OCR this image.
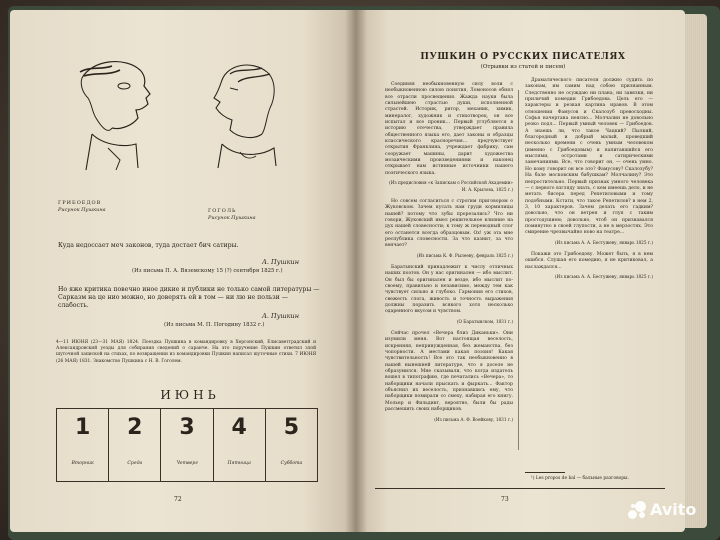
ГРИБОЕДОВ
Рисунок Пушкина	ГОГОЛЬ
Рисунок Пушкина
Куда недоссает меч законов, туда достает бич сатиры.
А. Пушкин
(Из письма П. А. Вяземскому 15 (?) сентября 1825 г.)
Но яже критика повечно иное дикие и публики не только самой литературы — Сарказм на це нио можно, но доверять ей в том — ни лю не пользи — слабость.
А. Пушкин
(Из письма М. П. Погодину 1832 г.)
4—11 ИЮНЯ (23—31 МАЯ) 1824. Поездка Пушкина в командировку в Херсонский, Елисаветградский и Александровский уезды для собирания сведений о саранче. На это поручение Пушкин ответил злой шуточной запиской на стихах, по возвращении из командировки Пушкин написал шуточные стихи. 7 ИЮНЯ (26 МАЯ) 1831. Знакомство Пушкина с Н. В. Гоголем.
ИЮНЬ
1
Вторник
2
Среда
3
Четверг
4
Пятница
5
Суббота
72
ПУШКИН О РУССКИХ ПИСАТЕЛЯХ
(Отрывки из статей и писем)

Соединяя необыкновенную силу воли с необыкновенною силою понятия, Ломоносов обнял все отрасли просвещения. Жажда науки была сильнейшею страстью души, исполненной страстей. Историк, ритор, механик, химик, минералог, художник и стихотворец, он все испытал и все проник... Первый углубляется в историю отечества, утверждает правила общественного языка его, дает законы и образцы классического красноречия... предчувствует открытия Франклина, учреждает фабрику, сам сооружает машины, дарит художества мозаическими произведениями и наконец открывает нам истинные источники нашего поэтического языка.

(Из предисловия «к Запискам о Российской Академии» И. А. Крылова, 1825 г.)

Но совсем согласиться с строгим приговором о Жуковском. Зачем кусать нам груди кормилицы нашей? потому что зубы прорезались? Что ни говори, Жуковский имел решительное влияние на дух нашей словесности; к тому ж переводный слог его останется всегда образцовым. Ох! уж эта мне республика словесности. За что казнит, за что венчает?

(Из письма К. Ф. Рылееву, февраль 1825 г.)

Баратынский принадлежит к числу отличных наших поэтов. Он у нас оригинален — ибо мыслит. Он был бы оригинален и везде, ибо мыслит по-своему, правильно и независимо, между тем как чувствует сильно и глубоко. Гармония его стихов, свежесть слога, живость и точность выражения должны поразить всякого хотя несколько одаренного вкусом и чувством.

(О Баратынском, 1831 г.)

Сейчас прочел «Вечера близ Диканьки». Они изумили меня. Вот настоящая веселость, искренняя, непринужденная, без жеманства, без чопорности. А местами какая поэзия! Какая чувствительность! Все это так необыкновенно в нашей нынешней литературе, что я доселе не образумился. Мне сказывали, что когда издатель вошел в типографию, где печатались «Вечера», то наборщики начали прыскать и фыркать... Фактор объяснил их веселость, признавшись ему, что наборщики помирали со смеху, набирая его книгу. Мольер и Фильдинг, вероятно, были бы рады рассмешить своих наборщиков.

(Из письма А. Ф. Воейкову, 1831 г.)

Драматического писателя должно судить по законам, им самим над собою признанным. Следственно не осуждаю ни плана, ни завязки, ни приличий комедии Грибоедова. Цель его — характеры и резкая картина нравов. В этом отношении Фамусов и Скалозуб превосходны. Софья начертана неясно... Молчалин не довольно резко подл... Первый умный человек — Грибоедов. А знаешь ли, что такое Чацкий? Пылкий, благородный и добрый малый, проведший несколько времени с очень умным человеком (именно с Грибоедовым) и напитавшийся его мыслями, остротами и сатирическими замечаниями. Все, что говорит он, — очень умно. Но кому говорит он все это? Фамусову? Скалозубу? На бале московским бабушкам? Молчалину? Это непростительно. Первый признак умного человека — с первого взгляду знать, с кем имеешь дело, и не метать бисера перед Репетиловыми и тому подобными. Кстати, что такое Репетилов? в нем 2, 3, 10 характеров. Зачем делать его гадким? довольно, что он ветрен и глуп с таким простодушием; довольно, чтоб он признавался поминутно в своей глупости, а не в мерзостях. Это смирение чрезвычайно ново на театре...

(Из письма А. А. Бестужеву, январь 1825 г.)

Покажи это Грибоедову. Может быть, я в нем ошибся. Слушая его комедию, я не критиковал, а наслаждался...

(Из письма А. А. Бестужеву, январь 1825 г.)

¹) Les propos de bal — бальные разговоры.
73
Avito
